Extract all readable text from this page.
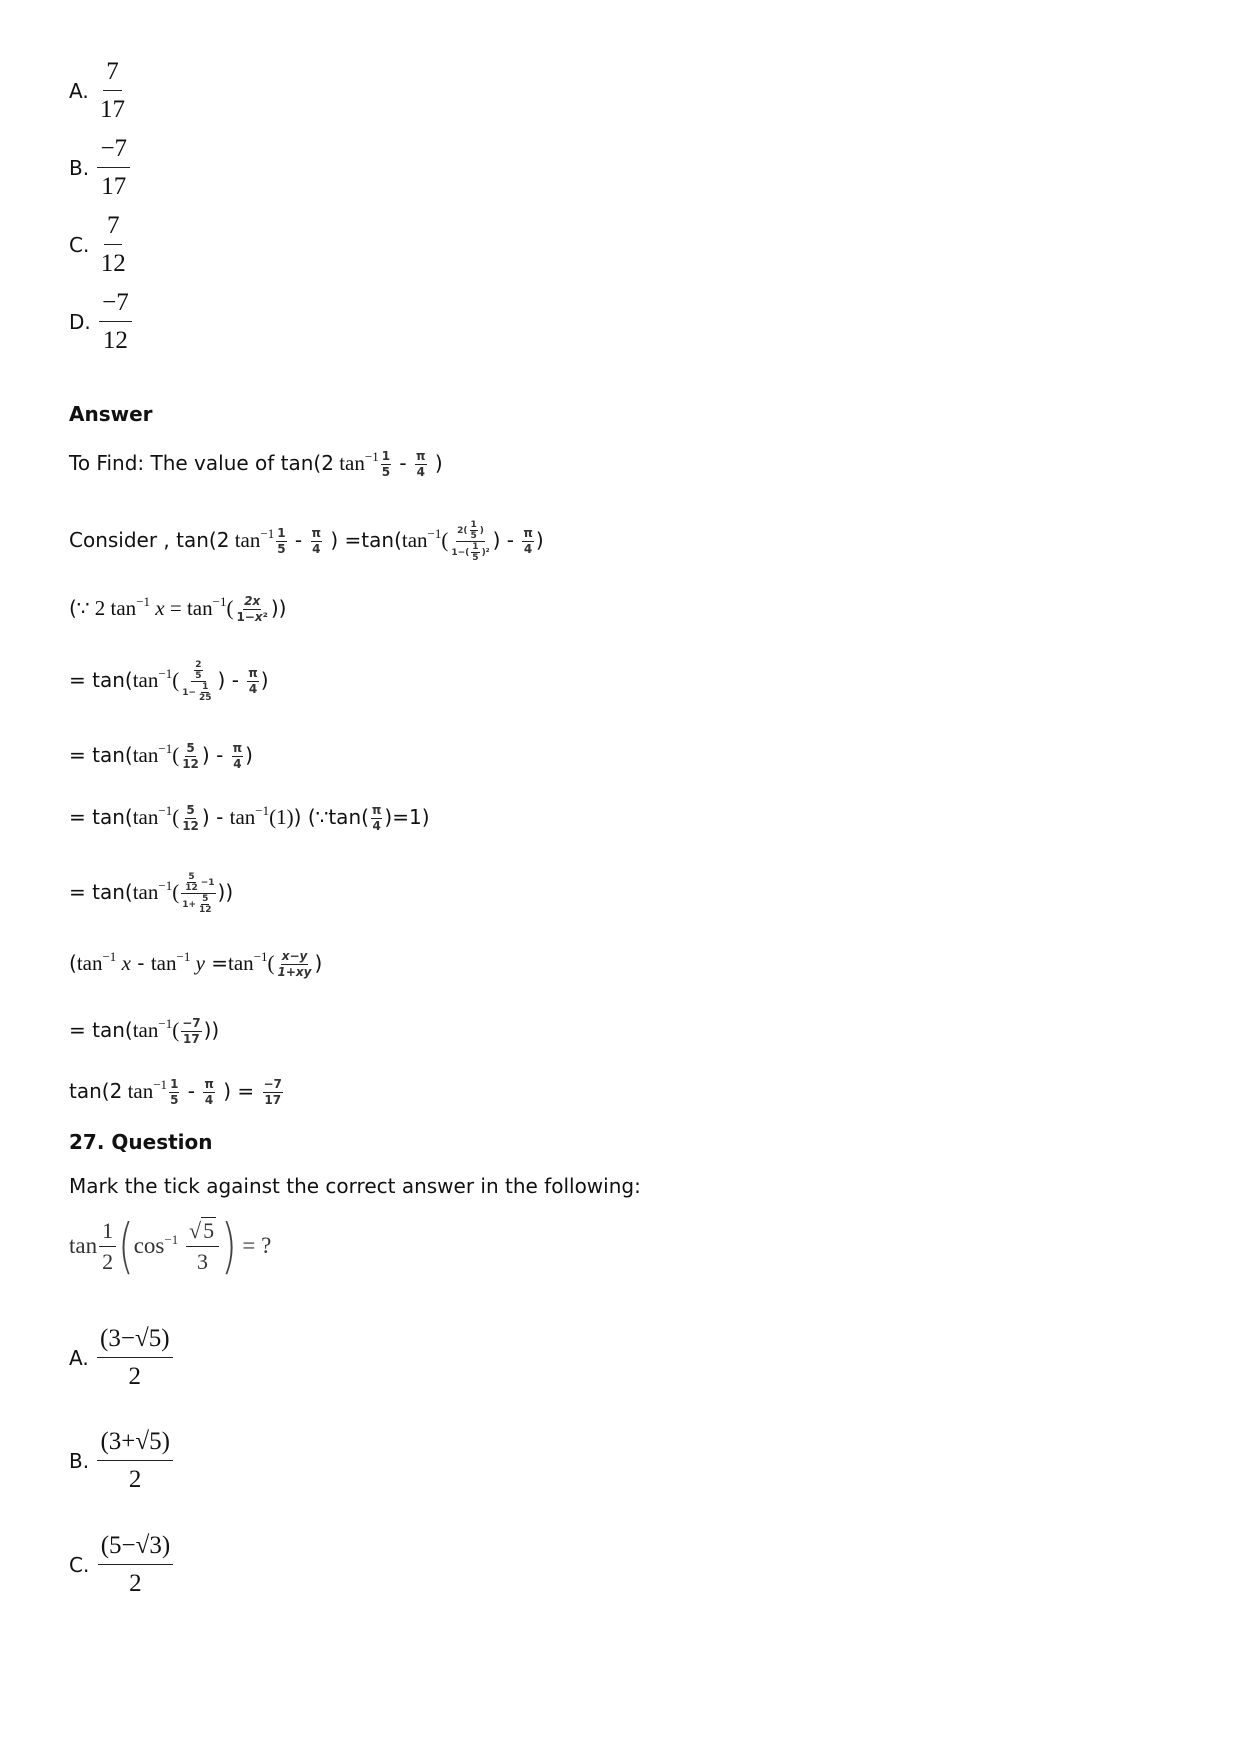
A. $\frac{7}{17}$
B. $\frac{-7}{17}$
C. $\frac{7}{12}$
D. $\frac{-7}{12}$
Answer
To Find: The value of tan(2 $\tan^{-1} \frac{1}{5} - \frac{\pi}{4}$ )
Consider , tan(2 $\tan^{-1} \frac{1}{5} - \frac{\pi}{4}$ ) $=\tan(\tan^{-1}( \frac{2( \frac{1}{5} )}{1-( \frac{1}{5} )^2}$ ) - $\frac{\pi}{4}$ )
(∵ 2 $\tan^{-1} x = \tan^{-1}( \frac{2x}{\text{1−x²}}$ ))
= $\tan(\tan^{-1}( \frac{\frac{2}{5}}{1- \frac{1}{25}}$ ) - $\frac{\pi}{4}$ )
= $\tan(\tan^{-1}( \frac{5}{12}$ ) - $\frac{\pi}{4}$ )
= $\tan(\tan^{-1}( \frac{5}{12}$ ) - $\tan^{-1}(1)$) (∵tan( $\frac{\pi}{4} )=1$)
= $\tan(\tan^{-1}( \frac{\frac{5}{12} -1}{1+ \frac{5}{12}}$ ))
($\tan^{-1}$ $x - \tan^{-1} y =\tan^{-1}( \frac{x-y}{1+xy}$ )
= $\tan(\tan^{-1}( \frac{-7}{17}$ ))
tan(2 $\tan^{-1} \frac{1}{5} - \frac{\pi}{4}$ ) = $\frac{-7}{17}$
27. Question
Mark the tick against the correct answer in the following:
$\tan \frac{1}{2} (\cos^{-1} \frac{√5}{3}$ ) = ?
A. $\frac{(3-√5)}{2}$
B. $\frac{(3+√5)}{2}$
C. $\frac{(5-√3)}{2}$
